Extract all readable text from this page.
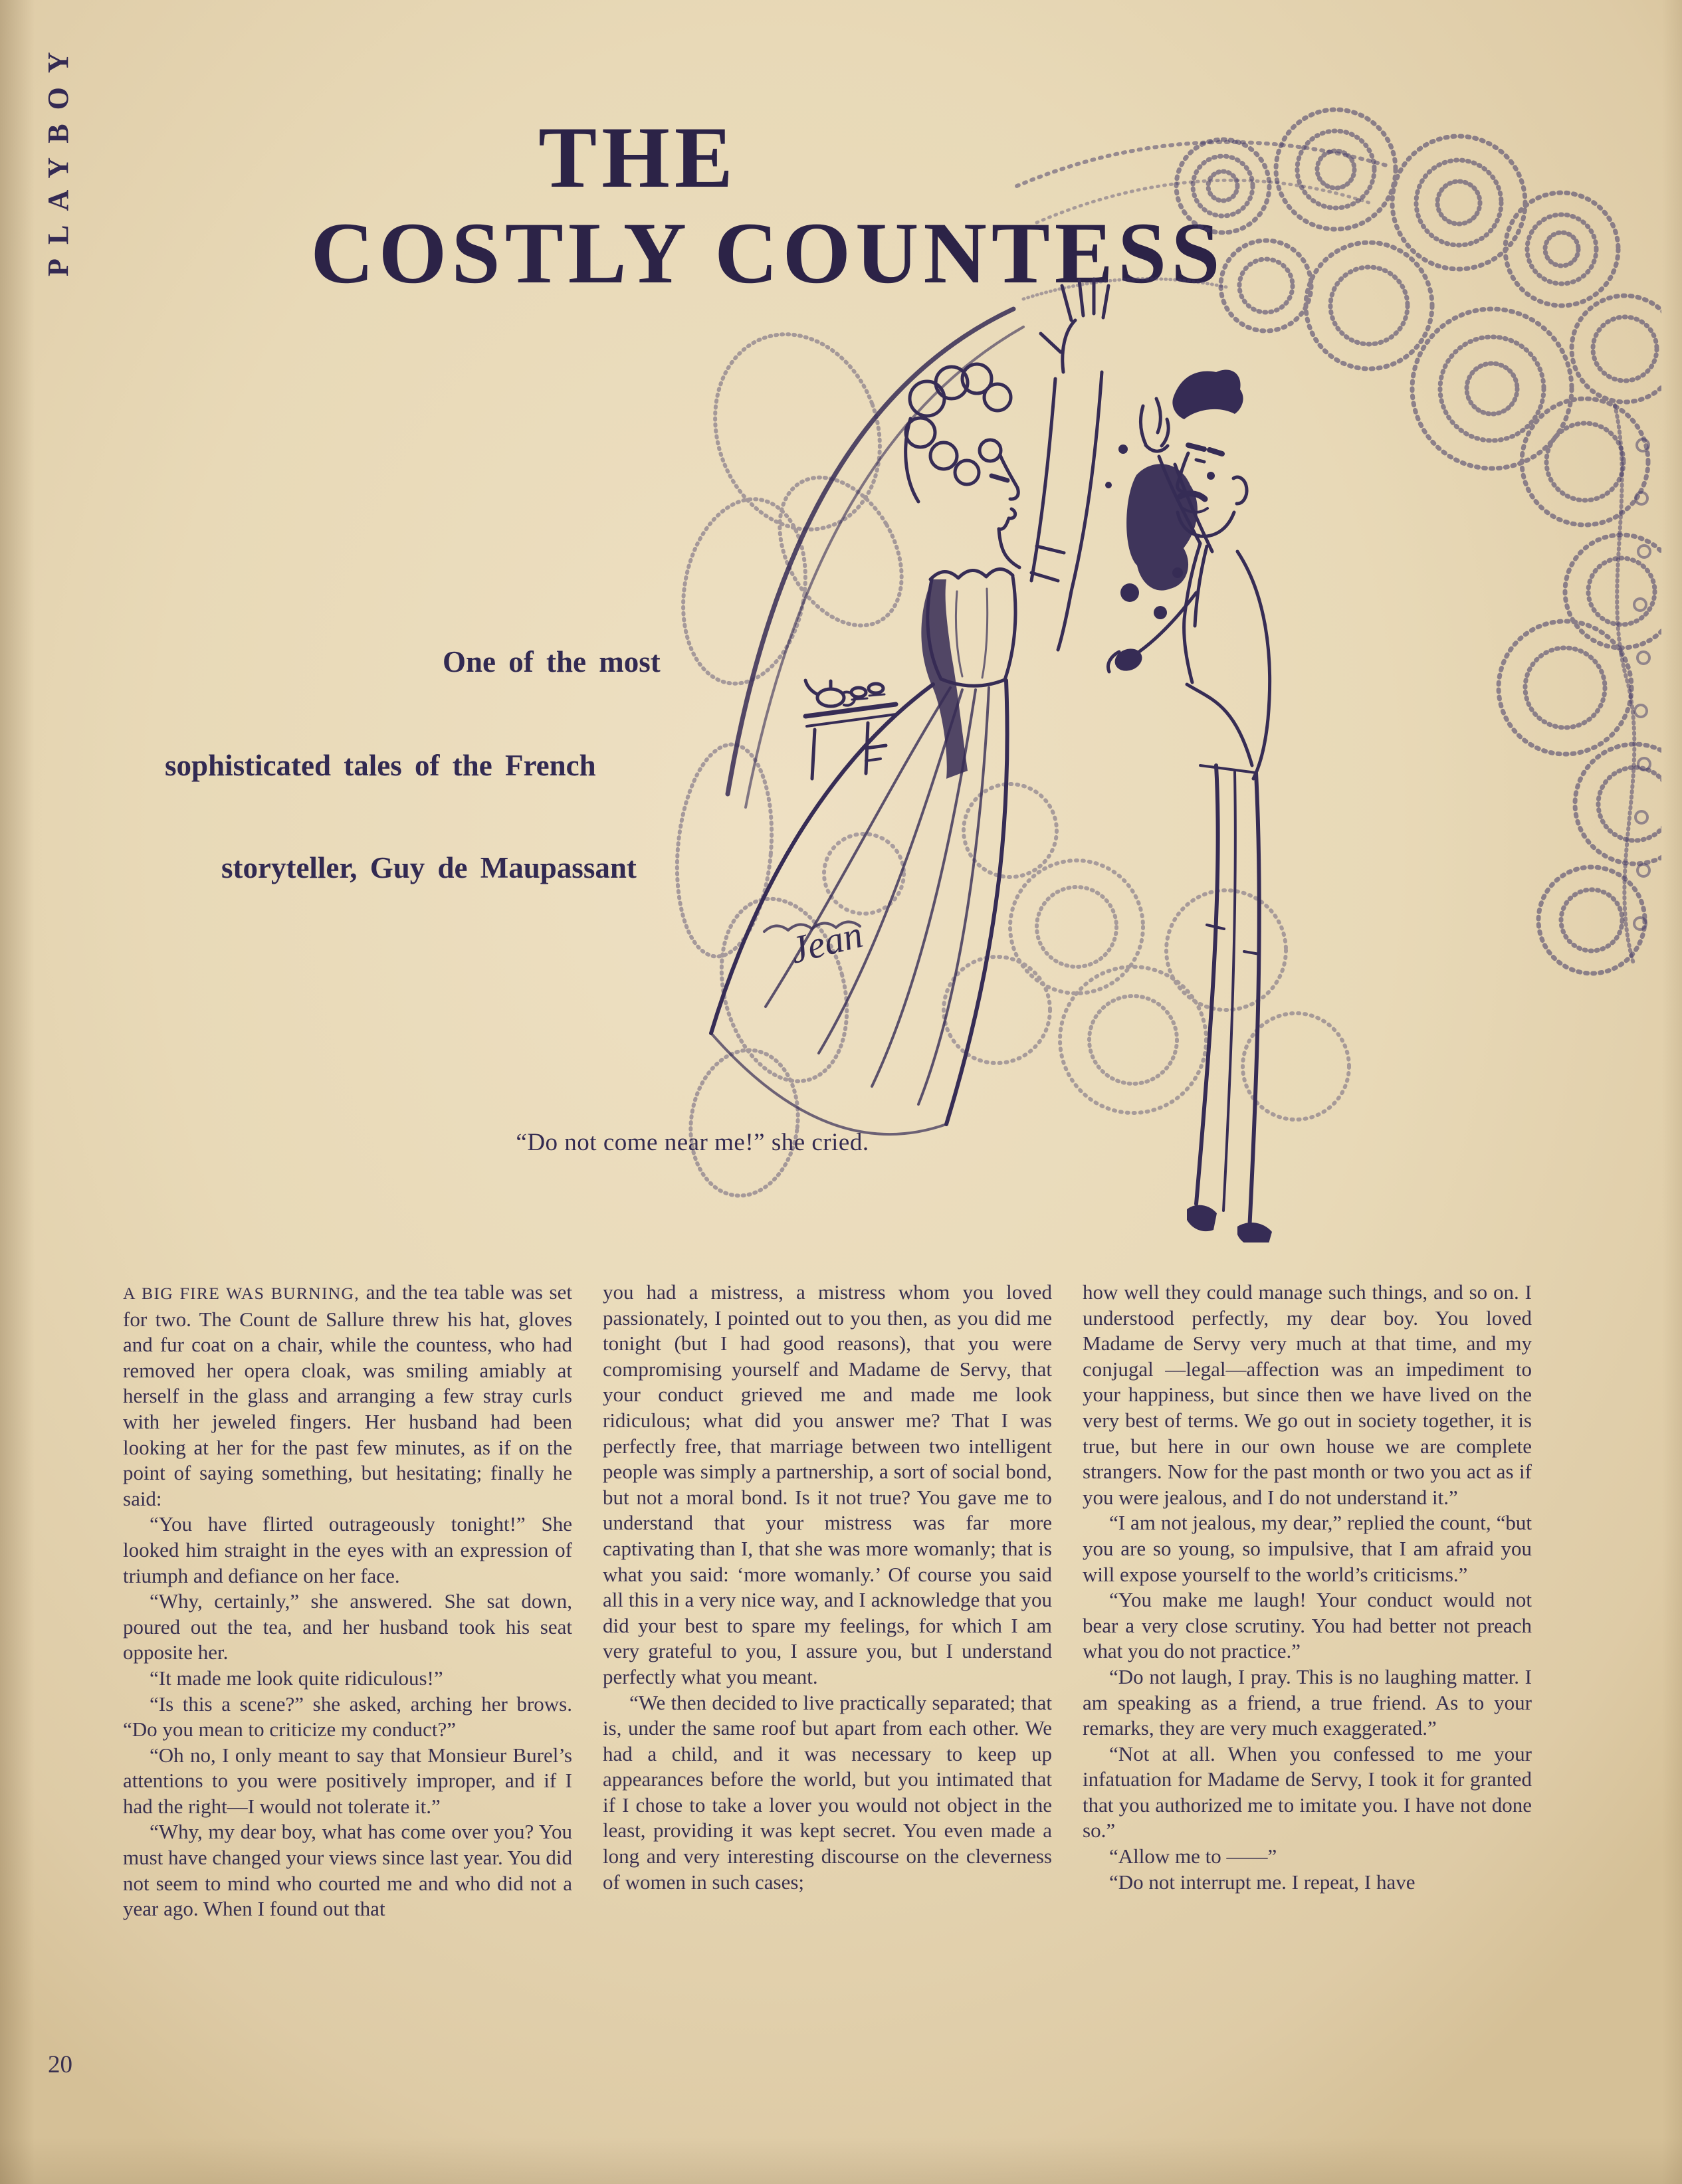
PLAYBOY	THE
COSTLY COUNTESS
One of the most
sophisticated tales of the French
storyteller, Guy de Maupassant
Jean
“Do not come near me!” she cried.

A BIG FIRE WAS BURNING, and the tea table was set for two. The Count de Sallure threw his hat, gloves and fur coat on a chair, while the countess, who had removed her opera cloak, was smiling amiably at herself in the glass and arranging a few stray curls with her jeweled fingers. Her husband had been looking at her for the past few minutes, as if on the point of saying something, but hesitating; finally he said:

“You have flirted outrageously tonight!” She looked him straight in the eyes with an expression of triumph and defiance on her face.

“Why, certainly,” she answered. She sat down, poured out the tea, and her husband took his seat opposite her.

“It made me look quite ridiculous!”

“Is this a scene?” she asked, arching her brows. “Do you mean to criticize my conduct?”

“Oh no, I only meant to say that Monsieur Burel’s attentions to you were positively improper, and if I had the right—I would not tolerate it.”

“Why, my dear boy, what has come over you? You must have changed your views since last year. You did not seem to mind who courted me and who did not a year ago. When I found out that

you had a mistress, a mistress whom you loved passionately, I pointed out to you then, as you did me tonight (but I had good reasons), that you were compromising yourself and Madame de Servy, that your conduct grieved me and made me look ridiculous; what did you answer me? That I was perfectly free, that marriage between two intelligent people was simply a partnership, a sort of social bond, but not a moral bond. Is it not true? You gave me to understand that your mistress was far more captivating than I, that she was more womanly; that is what you said: ‘more womanly.’ Of course you said all this in a very nice way, and I acknowledge that you did your best to spare my feelings, for which I am very grateful to you, I assure you, but I understand perfectly what you meant.

“We then decided to live practically separated; that is, under the same roof but apart from each other. We had a child, and it was necessary to keep up appearances before the world, but you intimated that if I chose to take a lover you would not object in the least, providing it was kept secret. You even made a long and very interesting discourse on the cleverness of women in such cases;

how well they could manage such things, and so on. I understood perfectly, my dear boy. You loved Madame de Servy very much at that time, and my conjugal —legal—affection was an impediment to your happiness, but since then we have lived on the very best of terms. We go out in society together, it is true, but here in our own house we are complete strangers. Now for the past month or two you act as if you were jealous, and I do not understand it.”

“I am not jealous, my dear,” replied the count, “but you are so young, so impulsive, that I am afraid you will expose yourself to the world’s criticisms.”

“You make me laugh! Your conduct would not bear a very close scrutiny. You had better not preach what you do not practice.”

“Do not laugh, I pray. This is no laughing matter. I am speaking as a friend, a true friend. As to your remarks, they are very much exaggerated.”

“Not at all. When you confessed to me your infatuation for Madame de Servy, I took it for granted that you authorized me to imitate you. I have not done so.”

“Allow me to ——”

“Do not interrupt me. I repeat, I have

20
